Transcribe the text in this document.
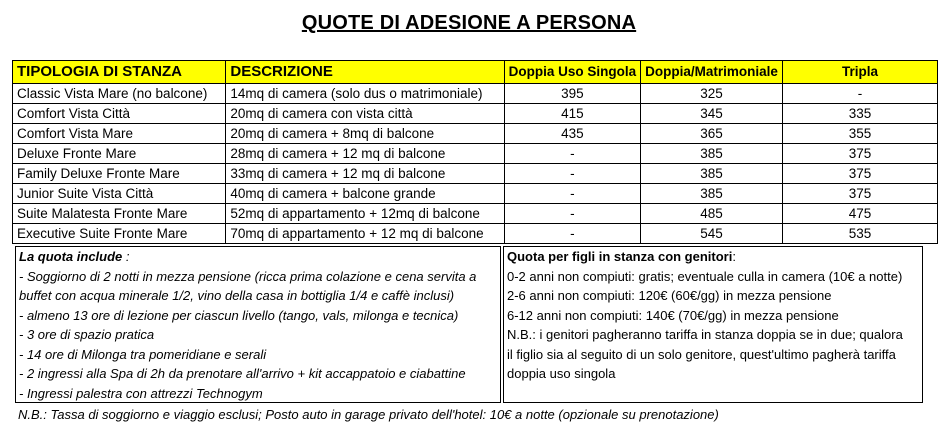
QUOTE DI ADESIONE A PERSONA
TIPOLOGIA DI STANZA	DESCRIZIONE	Doppia Uso Singola	Doppia/Matrimoniale	Tripla
Classic Vista Mare (no balcone)	14mq di camera (solo dus o matrimoniale)	395	325	-
Comfort Vista Città	20mq di camera con vista città	415	345	335
Comfort Vista Mare	20mq di camera + 8mq di balcone	435	365	355
Deluxe Fronte Mare	28mq di camera + 12 mq di balcone	-	385	375
Family Deluxe Fronte Mare	33mq di camera + 12 mq di balcone	-	385	375
Junior Suite Vista Città	40mq di camera + balcone grande	-	385	375
Suite Malatesta Fronte Mare	52mq di appartamento + 12mq di balcone	-	485	475
Executive Suite Fronte Mare	70mq di appartamento + 12 mq di balcone	-	545	535
La quota include :
- Soggiorno di 2 notti in mezza pensione (ricca prima colazione e cena servita a
buffet con acqua minerale 1/2, vino della casa in bottiglia 1/4 e caffè inclusi)
- almeno 13 ore di lezione per ciascun livello (tango, vals, milonga e tecnica)
- 3 ore di spazio pratica
- 14 ore di Milonga tra pomeridiane e serali
- 2 ingressi alla Spa di 2h da prenotare all'arrivo + kit accappatoio e ciabattine
- Ingressi palestra con attrezzi Technogym
Quota per figli in stanza con genitori:
0-2 anni non compiuti: gratis; eventuale culla in camera (10€ a notte)
2-6 anni non compiuti: 120€ (60€/gg) in mezza pensione
6-12 anni non compiuti: 140€ (70€/gg) in mezza pensione
N.B.: i genitori pagheranno tariffa in stanza doppia se in due; qualora
il figlio sia al seguito di un solo genitore, quest'ultimo pagherà tariffa
doppia uso singola
N.B.: Tassa di soggiorno e viaggio esclusi; Posto auto in garage privato dell'hotel: 10€ a notte (opzionale su prenotazione)
